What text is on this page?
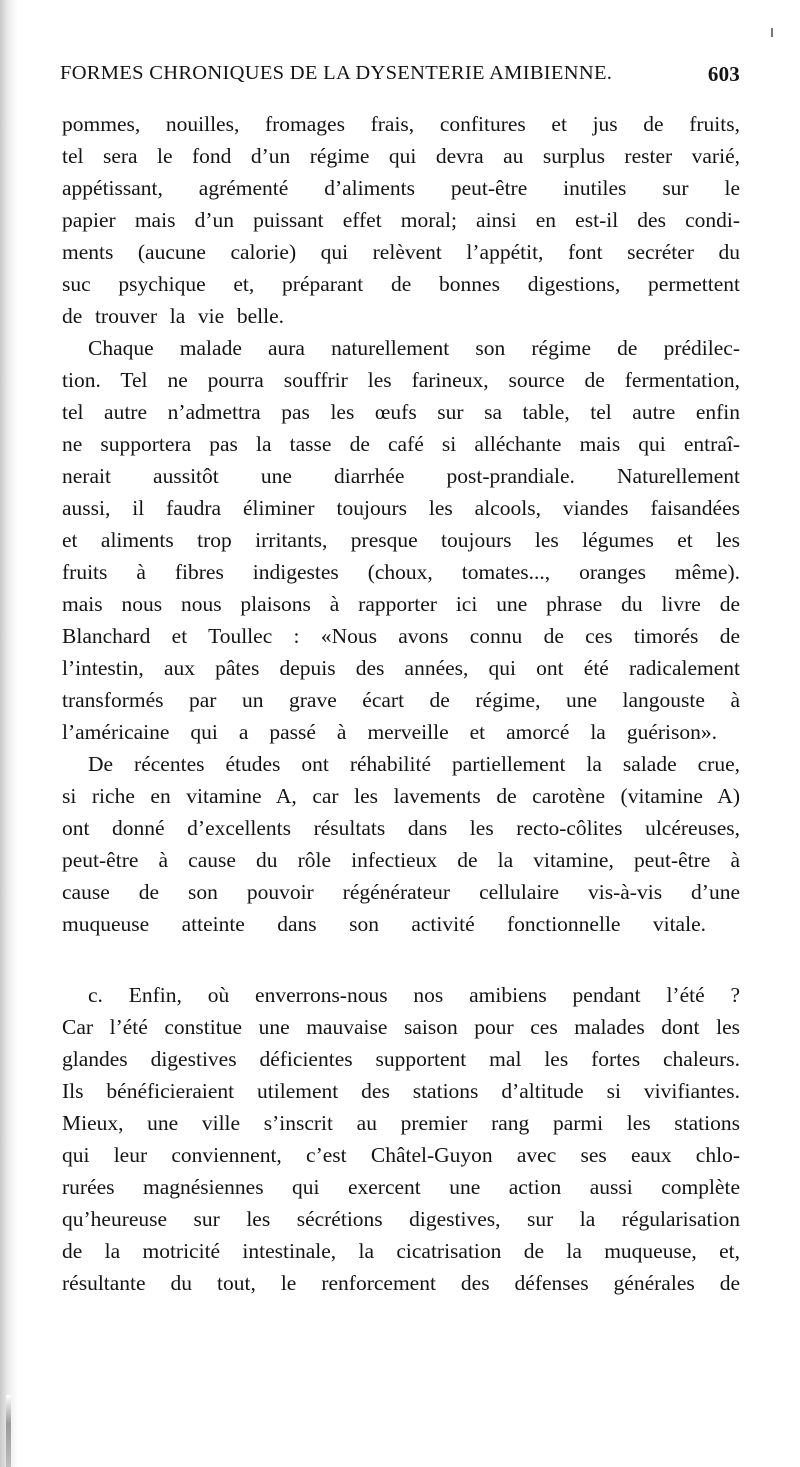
FORMES CHRONIQUES DE LA DYSENTERIE AMIBIENNE.	603
pommes, nouilles, fromages frais, confitures et jus de fruits,
tel sera le fond d’un régime qui devra au surplus rester varié,
appétissant, agrémenté d’aliments peut-être inutiles sur le
papier mais d’un puissant effet moral; ainsi en est-il des condi-
ments (aucune calorie) qui relèvent l’appétit, font secréter du
suc psychique et, préparant de bonnes digestions, permettent
de trouver la vie belle.
Chaque malade aura naturellement son régime de prédilec-
tion. Tel ne pourra souffrir les farineux, source de fermentation,
tel autre n’admettra pas les œufs sur sa table, tel autre enfin
ne supportera pas la tasse de café si alléchante mais qui entraî-
nerait aussitôt une diarrhée post-prandiale. Naturellement
aussi, il faudra éliminer toujours les alcools, viandes faisandées
et aliments trop irritants, presque toujours les légumes et les
fruits à fibres indigestes (choux, tomates..., oranges même).
mais nous nous plaisons à rapporter ici une phrase du livre de
Blanchard et Toullec : «Nous avons connu de ces timorés de
l’intestin, aux pâtes depuis des années, qui ont été radicalement
transformés par un grave écart de régime, une langouste à
l’américaine qui a passé à merveille et amorcé la guérison».
De récentes études ont réhabilité partiellement la salade crue,
si riche en vitamine A, car les lavements de carotène (vitamine A)
ont donné d’excellents résultats dans les recto-côlites ulcéreuses,
peut-être à cause du rôle infectieux de la vitamine, peut-être à
cause de son pouvoir régénérateur cellulaire vis-à-vis d’une
muqueuse atteinte dans son activité fonctionnelle vitale.
c. Enfin, où enverrons-nous nos amibiens pendant l’été ?
Car l’été constitue une mauvaise saison pour ces malades dont les
glandes digestives déficientes supportent mal les fortes chaleurs.
Ils bénéficieraient utilement des stations d’altitude si vivifiantes.
Mieux, une ville s’inscrit au premier rang parmi les stations
qui leur conviennent, c’est Châtel-Guyon avec ses eaux chlo-
rurées magnésiennes qui exercent une action aussi complète
qu’heureuse sur les sécrétions digestives, sur la régularisation
de la motricité intestinale, la cicatrisation de la muqueuse, et,
résultante du tout, le renforcement des défenses générales de
